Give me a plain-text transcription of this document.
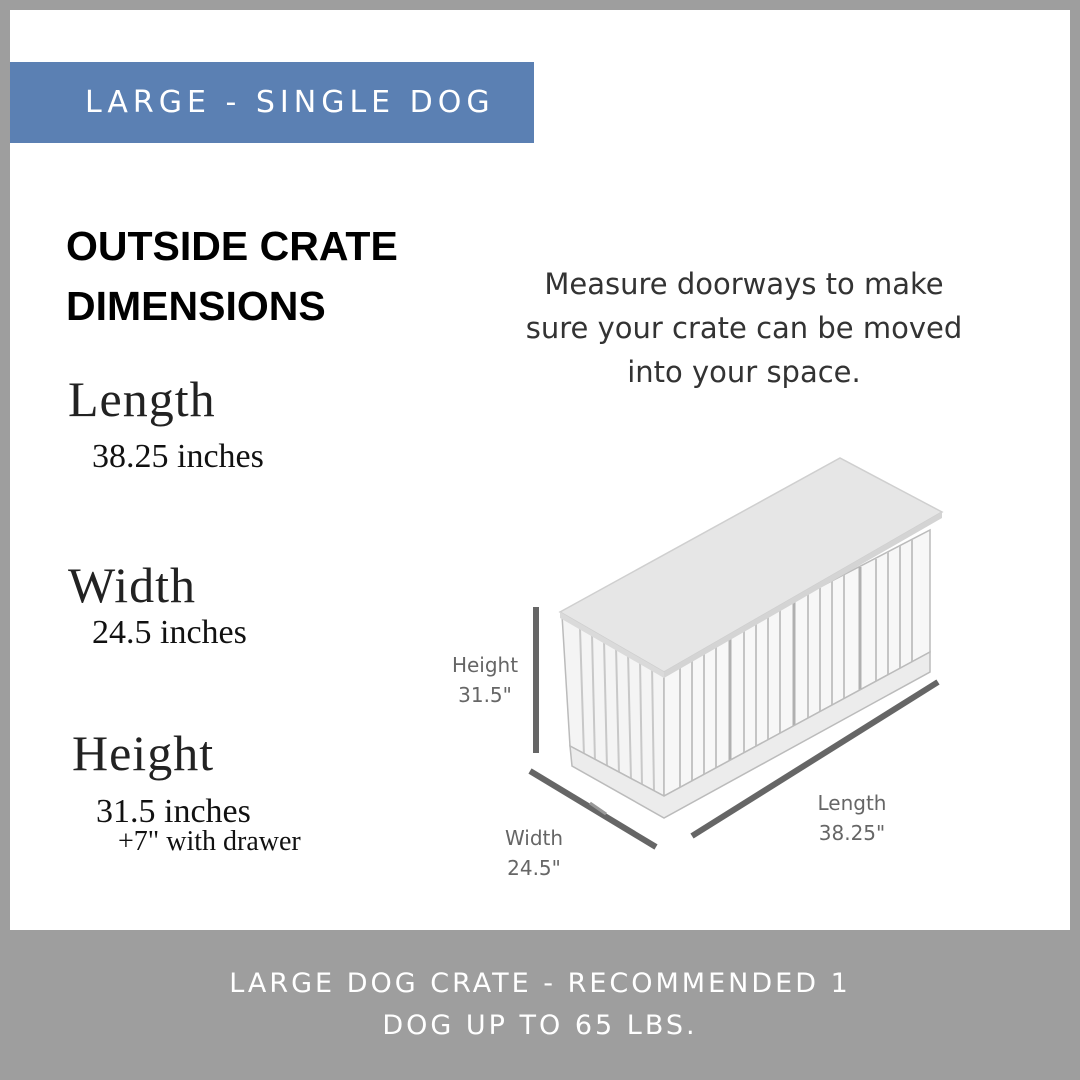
LARGE - SINGLE DOG
OUTSIDE CRATE
DIMENSIONS
Length
38.25 inches
Width
24.5 inches
Height
31.5 inches
+7" with drawer
Measure doorways to make sure your crate can be moved into your space.
Height
31.5"
Width
24.5"
Length
38.25"
LARGE DOG CRATE - RECOMMENDED 1 DOG UP TO 65 LBS.
